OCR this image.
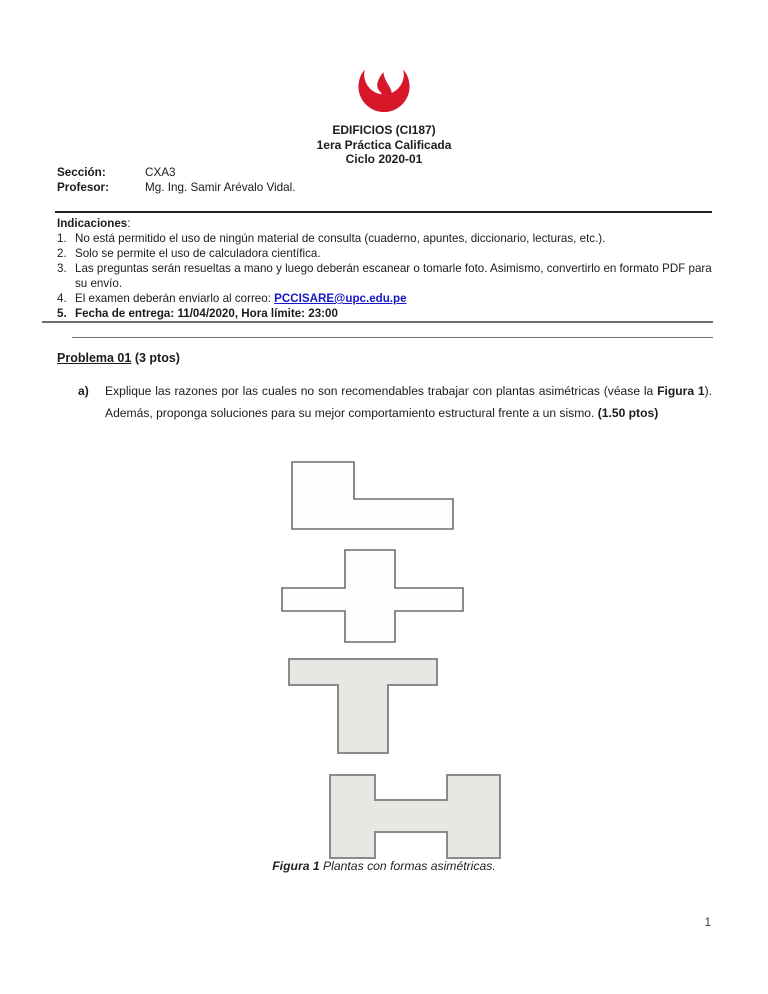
EDIFICIOS (CI187)
1era Práctica Calificada
Ciclo 2020-01
Sección:	CXA3
Profesor:	Mg. Ing. Samir Arévalo Vidal.
Indicaciones:
1. No está permitido el uso de ningún material de consulta (cuaderno, apuntes, diccionario, lecturas, etc.).
2. Solo se permite el uso de calculadora científica.
3. Las preguntas serán resueltas a mano y luego deberán escanear o tomarle foto. Asimismo, convertirlo en formato PDF para su envío.
4. El examen deberán enviarlo al correo: PCCISARE@upc.edu.pe
5. Fecha de entrega: 11/04/2020, Hora límite: 23:00
Problema 01 (3 ptos)
a) Explique las razones por las cuales no son recomendables trabajar con plantas asimétricas (véase la Figura 1). Además, proponga soluciones para su mejor comportamiento estructural frente a un sismo. (1.50 ptos)
Figura 1 Plantas con formas asimétricas.
1
